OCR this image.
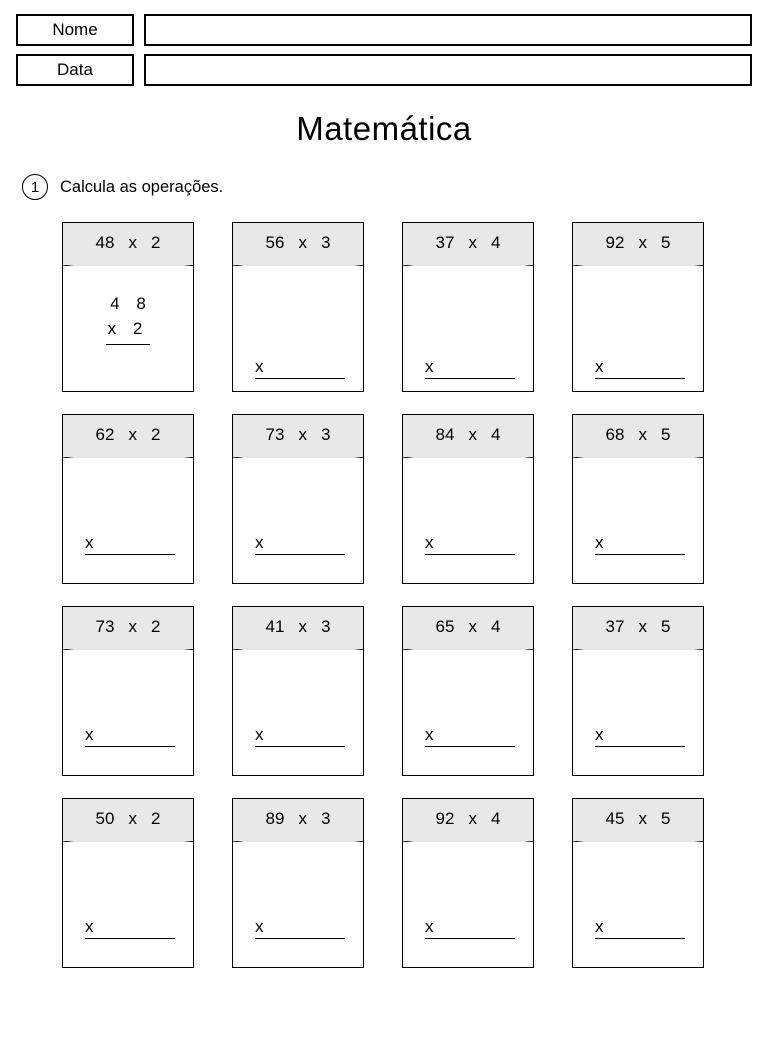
Nome
Data
Matemática
1	Calcula as operações.
48 x 2
4 8
x 2
56 x 3
x
37 x 4
x
92 x 5
x
62 x 2
x
73 x 3
x
84 x 4
x
68 x 5
x
73 x 2
x
41 x 3
x
65 x 4
x
37 x 5
x
50 x 2
x
89 x 3
x
92 x 4
x
45 x 5
x
